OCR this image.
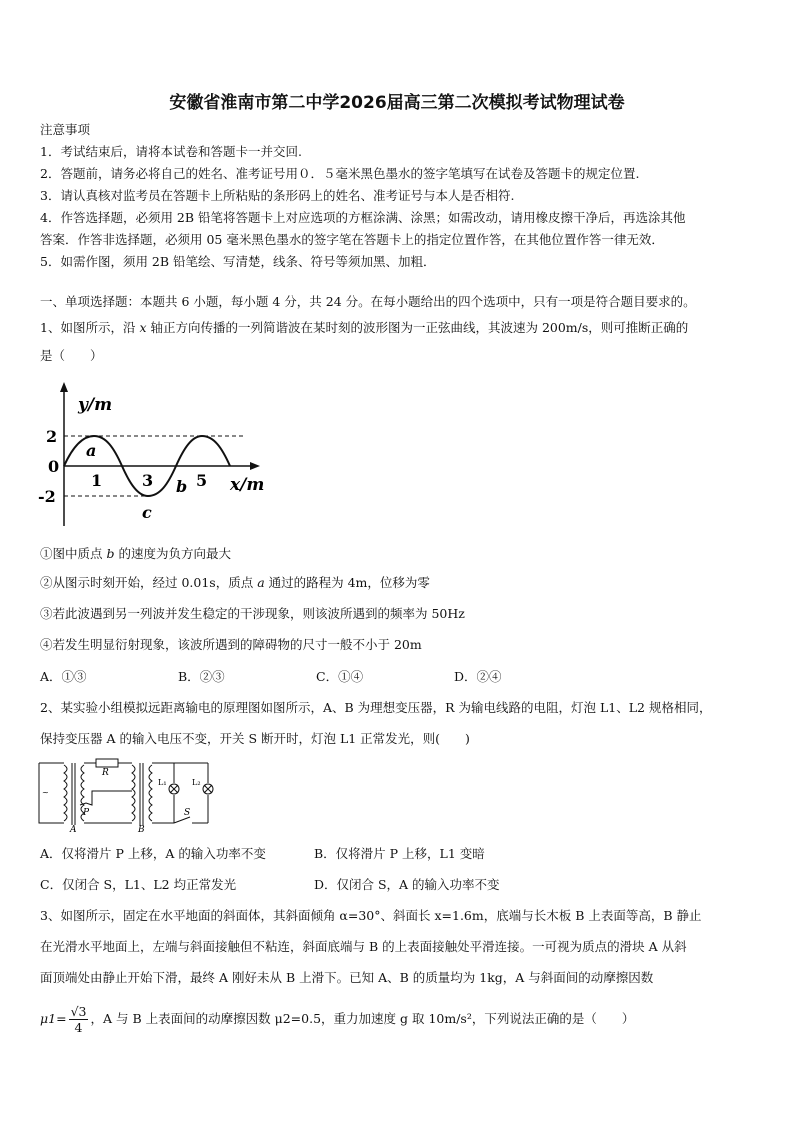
安徽省淮南市第二中学2026届高三第二次模拟考试物理试卷
注意事项
1．考试结束后，请将本试卷和答题卡一并交回.
2．答题前，请务必将自己的姓名、准考证号用０．５毫米黑色墨水的签字笔填写在试卷及答题卡的规定位置.
3．请认真核对监考员在答题卡上所粘贴的条形码上的姓名、准考证号与本人是否相符.
4．作答选择题，必须用 2B 铅笔将答题卡上对应选项的方框涂满、涂黑；如需改动，请用橡皮擦干净后，再选涂其他
答案．作答非选择题，必须用 05 毫米黑色墨水的签字笔在答题卡上的指定位置作答，在其他位置作答一律无效．
5．如需作图，须用 2B 铅笔绘、写清楚，线条、符号等须加黑、加粗．
一、单项选择题：本题共 6 小题，每小题 4 分，共 24 分。在每小题给出的四个选项中，只有一项是符合题目要求的。
1、如图所示，沿 x 轴正方向传播的一列简谐波在某时刻的波形图为一正弦曲线，其波速为 200m/s，则可推断正确的
是（　　）
y/m
x/m
2
0
-2
1 3	5
a
b
c
①图中质点 b 的速度为负方向最大
②从图示时刻开始，经过 0.01s，质点 a 通过的路程为 4m，位移为零
③若此波遇到另一列波并发生稳定的干涉现象，则该波所遇到的频率为 50Hz
④若发生明显衍射现象，该波所遇到的障碍物的尺寸一般不小于 20m
A．①③	B．②③	C．①④	D．②④
2、某实验小组模拟远距离输电的原理图如图所示，A、B 为理想变压器，R 为输电线路的电阻，灯泡 L1、L2 规格相同，
保持变压器 A 的输入电压不变，开关 S 断开时，灯泡 L1 正常发光，则(　　)
~
R
P
A	B
L₁	L₂
S
A．仅将滑片 P 上移，A 的输入功率不变	B．仅将滑片 P 上移，L1 变暗
C．仅闭合 S，L1、L2 均正常发光	D．仅闭合 S，A 的输入功率不变
3、如图所示，固定在水平地面的斜面体，其斜面倾角 α=30°、斜面长 x=1.6m，底端与长木板 B 上表面等高，B 静止
在光滑水平地面上，左端与斜面接触但不粘连，斜面底端与 B 的上表面接触处平滑连接。一可视为质点的滑块 A 从斜
面顶端处由静止开始下滑，最终 A 刚好未从 B 上滑下。已知 A、B 的质量均为 1kg，A 与斜面间的动摩擦因数
$\mu 1= \frac{√3}{4}$ ，A 与 B 上表面间的动摩擦因数 μ2=0.5，重力加速度 g 取 10m/s²，下列说法正确的是（　　）
